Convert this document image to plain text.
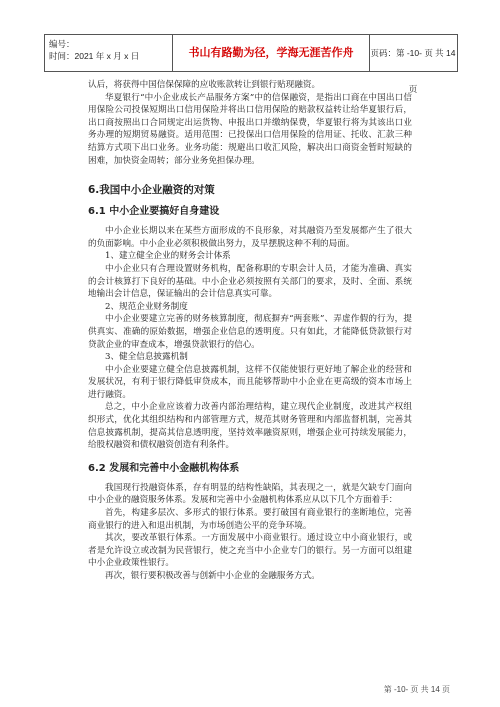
编号：
时间：2021 年 x 月 x 日	书山有路勤为径，学海无涯苦作舟	页码：第 -10- 页 共 14 页

认后，将获得中国信保保障的应收账款转让到银行贴现融资。

华夏银行“中小企业成长产品服务方案”中的信保融资，是指出口商在中国出口信用保险公司投保短期出口信用保险并将出口信用保险的赔款权益转让给华夏银行后，出口商按照出口合同规定出运货物、申报出口并缴纳保费，华夏银行将为其该出口业务办理的短期贸易融资。适用范围：已投保出口信用保险的信用证、托收、汇款三种结算方式项下出口业务。业务功能：规避出口收汇风险，解决出口商资金暂时短缺的困难，加快资金周转；部分业务免担保办理。

6.我国中小企业融资的对策
6.1 中小企业要搞好自身建设

中小企业长期以来在某些方面形成的不良形象，对其融资乃至发展都产生了很大的负面影响。中小企业必须积极做出努力，及早摆脱这种不利的局面。

1、建立健全企业的财务会计体系

中小企业只有合理设置财务机构，配备称职的专职会计人员，才能为准确、真实的会计核算打下良好的基础。中小企业必须按照有关部门的要求，及时、全面、系统地输出会计信息，保证输出的会计信息真实可靠。

2、规范企业财务制度

中小企业要建立完善的财务核算制度，彻底摒弃“两套账”、弄虚作假的行为，提供真实、准确的原始数据，增强企业信息的透明度。只有如此，才能降低贷款银行对贷款企业的审查成本，增强贷款银行的信心。

3、健全信息披露机制

中小企业要建立健全信息披露机制，这样不仅能使银行更好地了解企业的经营和发展状况，有利于银行降低审贷成本，而且能够帮助中小企业在更高级的资本市场上进行融资。

总之，中小企业应该着力改善内部治理结构，建立现代企业制度，改进其产权组织形式，优化其组织结构和内部管理方式，规范其财务管理和内部监督机制，完善其信息披露机制，提高其信息透明度，坚持效率融资原则，增强企业可持续发展能力，给股权融资和债权融资创造有利条件。

6.2 发展和完善中小金融机构体系

我国现行投融资体系，存有明显的结构性缺陷，其表现之一，就是欠缺专门面向中小企业的融资服务体系。发展和完善中小金融机构体系应从以下几个方面着手：

首先，构建多层次、多形式的银行体系。要打破国有商业银行的垄断地位，完善商业银行的进入和退出机制，为市场创造公平的竞争环境。

其次，要改革银行体系。一方面发展中小商业银行。通过设立中小商业银行，或者是允许设立或改制为民营银行，使之充当中小企业专门的银行。另一方面可以组建中小企业政策性银行。

再次，银行要积极改善与创新中小企业的金融服务方式。

第 -10- 页 共 14 页
